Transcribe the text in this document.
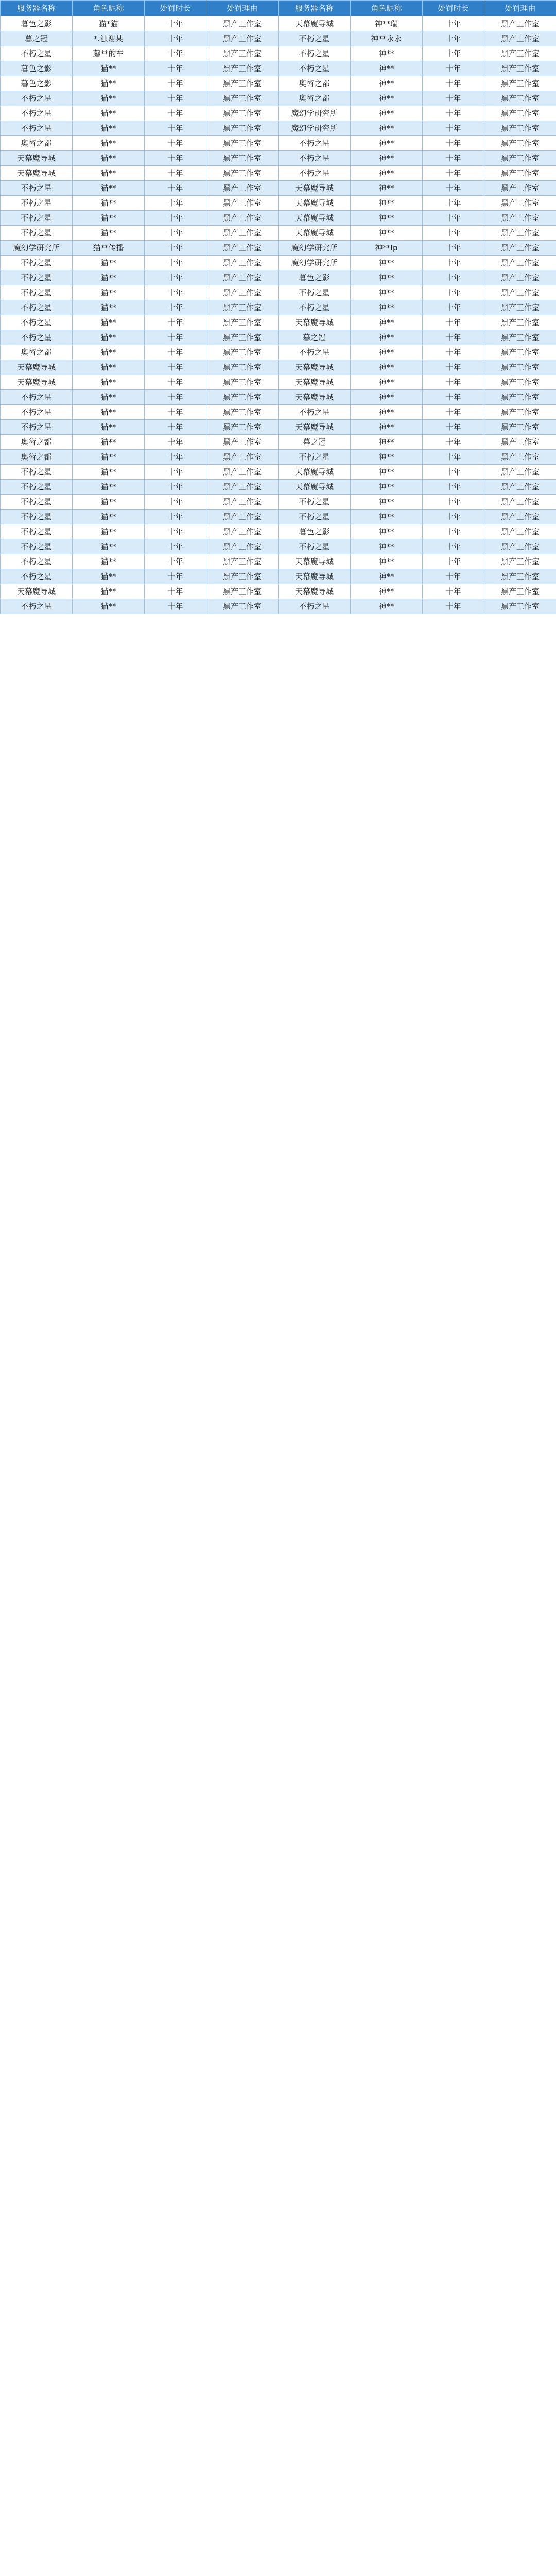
服务器名称	角色昵称	处罚时长	处罚理由	服务器名称	角色昵称	处罚时长	处罚理由
暮色之影	猫*猫	十年	黑产工作室	天幕魔导城	神**瑞	十年	黑产工作室
暮之冠	*.浊谢某	十年	黑产工作室	不朽之星	神**永永	十年	黑产工作室
不朽之星	蘑**的车	十年	黑产工作室	不朽之星	神**	十年	黑产工作室
暮色之影	猫**	十年	黑产工作室	不朽之星	神**	十年	黑产工作室
暮色之影	猫**	十年	黑产工作室	奥術之都	神**	十年	黑产工作室
不朽之星	猫**	十年	黑产工作室	奥術之都	神**	十年	黑产工作室
不朽之星	猫**	十年	黑产工作室	魔幻学研究所	神**	十年	黑产工作室
不朽之星	猫**	十年	黑产工作室	魔幻学研究所	神**	十年	黑产工作室
奥術之都	猫**	十年	黑产工作室	不朽之星	神**	十年	黑产工作室
天幕魔导城	猫**	十年	黑产工作室	不朽之星	神**	十年	黑产工作室
天幕魔导城	猫**	十年	黑产工作室	不朽之星	神**	十年	黑产工作室
不朽之星	猫**	十年	黑产工作室	天幕魔导城	神**	十年	黑产工作室
不朽之星	猫**	十年	黑产工作室	天幕魔导城	神**	十年	黑产工作室
不朽之星	猫**	十年	黑产工作室	天幕魔导城	神**	十年	黑产工作室
不朽之星	猫**	十年	黑产工作室	天幕魔导城	神**	十年	黑产工作室
魔幻学研究所	猫**传播	十年	黑产工作室	魔幻学研究所	神**Ip	十年	黑产工作室
不朽之星	猫**	十年	黑产工作室	魔幻学研究所	神**	十年	黑产工作室
不朽之星	猫**	十年	黑产工作室	暮色之影	神**	十年	黑产工作室
不朽之星	猫**	十年	黑产工作室	不朽之星	神**	十年	黑产工作室
不朽之星	猫**	十年	黑产工作室	不朽之星	神**	十年	黑产工作室
不朽之星	猫**	十年	黑产工作室	天幕魔导城	神**	十年	黑产工作室
不朽之星	猫**	十年	黑产工作室	暮之冠	神**	十年	黑产工作室
奥術之都	猫**	十年	黑产工作室	不朽之星	神**	十年	黑产工作室
天幕魔导城	猫**	十年	黑产工作室	天幕魔导城	神**	十年	黑产工作室
天幕魔导城	猫**	十年	黑产工作室	天幕魔导城	神**	十年	黑产工作室
不朽之星	猫**	十年	黑产工作室	天幕魔导城	神**	十年	黑产工作室
不朽之星	猫**	十年	黑产工作室	不朽之星	神**	十年	黑产工作室
不朽之星	猫**	十年	黑产工作室	天幕魔导城	神**	十年	黑产工作室
奥術之都	猫**	十年	黑产工作室	暮之冠	神**	十年	黑产工作室
奥術之都	猫**	十年	黑产工作室	不朽之星	神**	十年	黑产工作室
不朽之星	猫**	十年	黑产工作室	天幕魔导城	神**	十年	黑产工作室
不朽之星	猫**	十年	黑产工作室	天幕魔导城	神**	十年	黑产工作室
不朽之星	猫**	十年	黑产工作室	不朽之星	神**	十年	黑产工作室
不朽之星	猫**	十年	黑产工作室	不朽之星	神**	十年	黑产工作室
不朽之星	猫**	十年	黑产工作室	暮色之影	神**	十年	黑产工作室
不朽之星	猫**	十年	黑产工作室	不朽之星	神**	十年	黑产工作室
不朽之星	猫**	十年	黑产工作室	天幕魔导城	神**	十年	黑产工作室
不朽之星	猫**	十年	黑产工作室	天幕魔导城	神**	十年	黑产工作室
天幕魔导城	猫**	十年	黑产工作室	天幕魔导城	神**	十年	黑产工作室
不朽之星	猫**	十年	黑产工作室	不朽之星	神**	十年	黑产工作室
